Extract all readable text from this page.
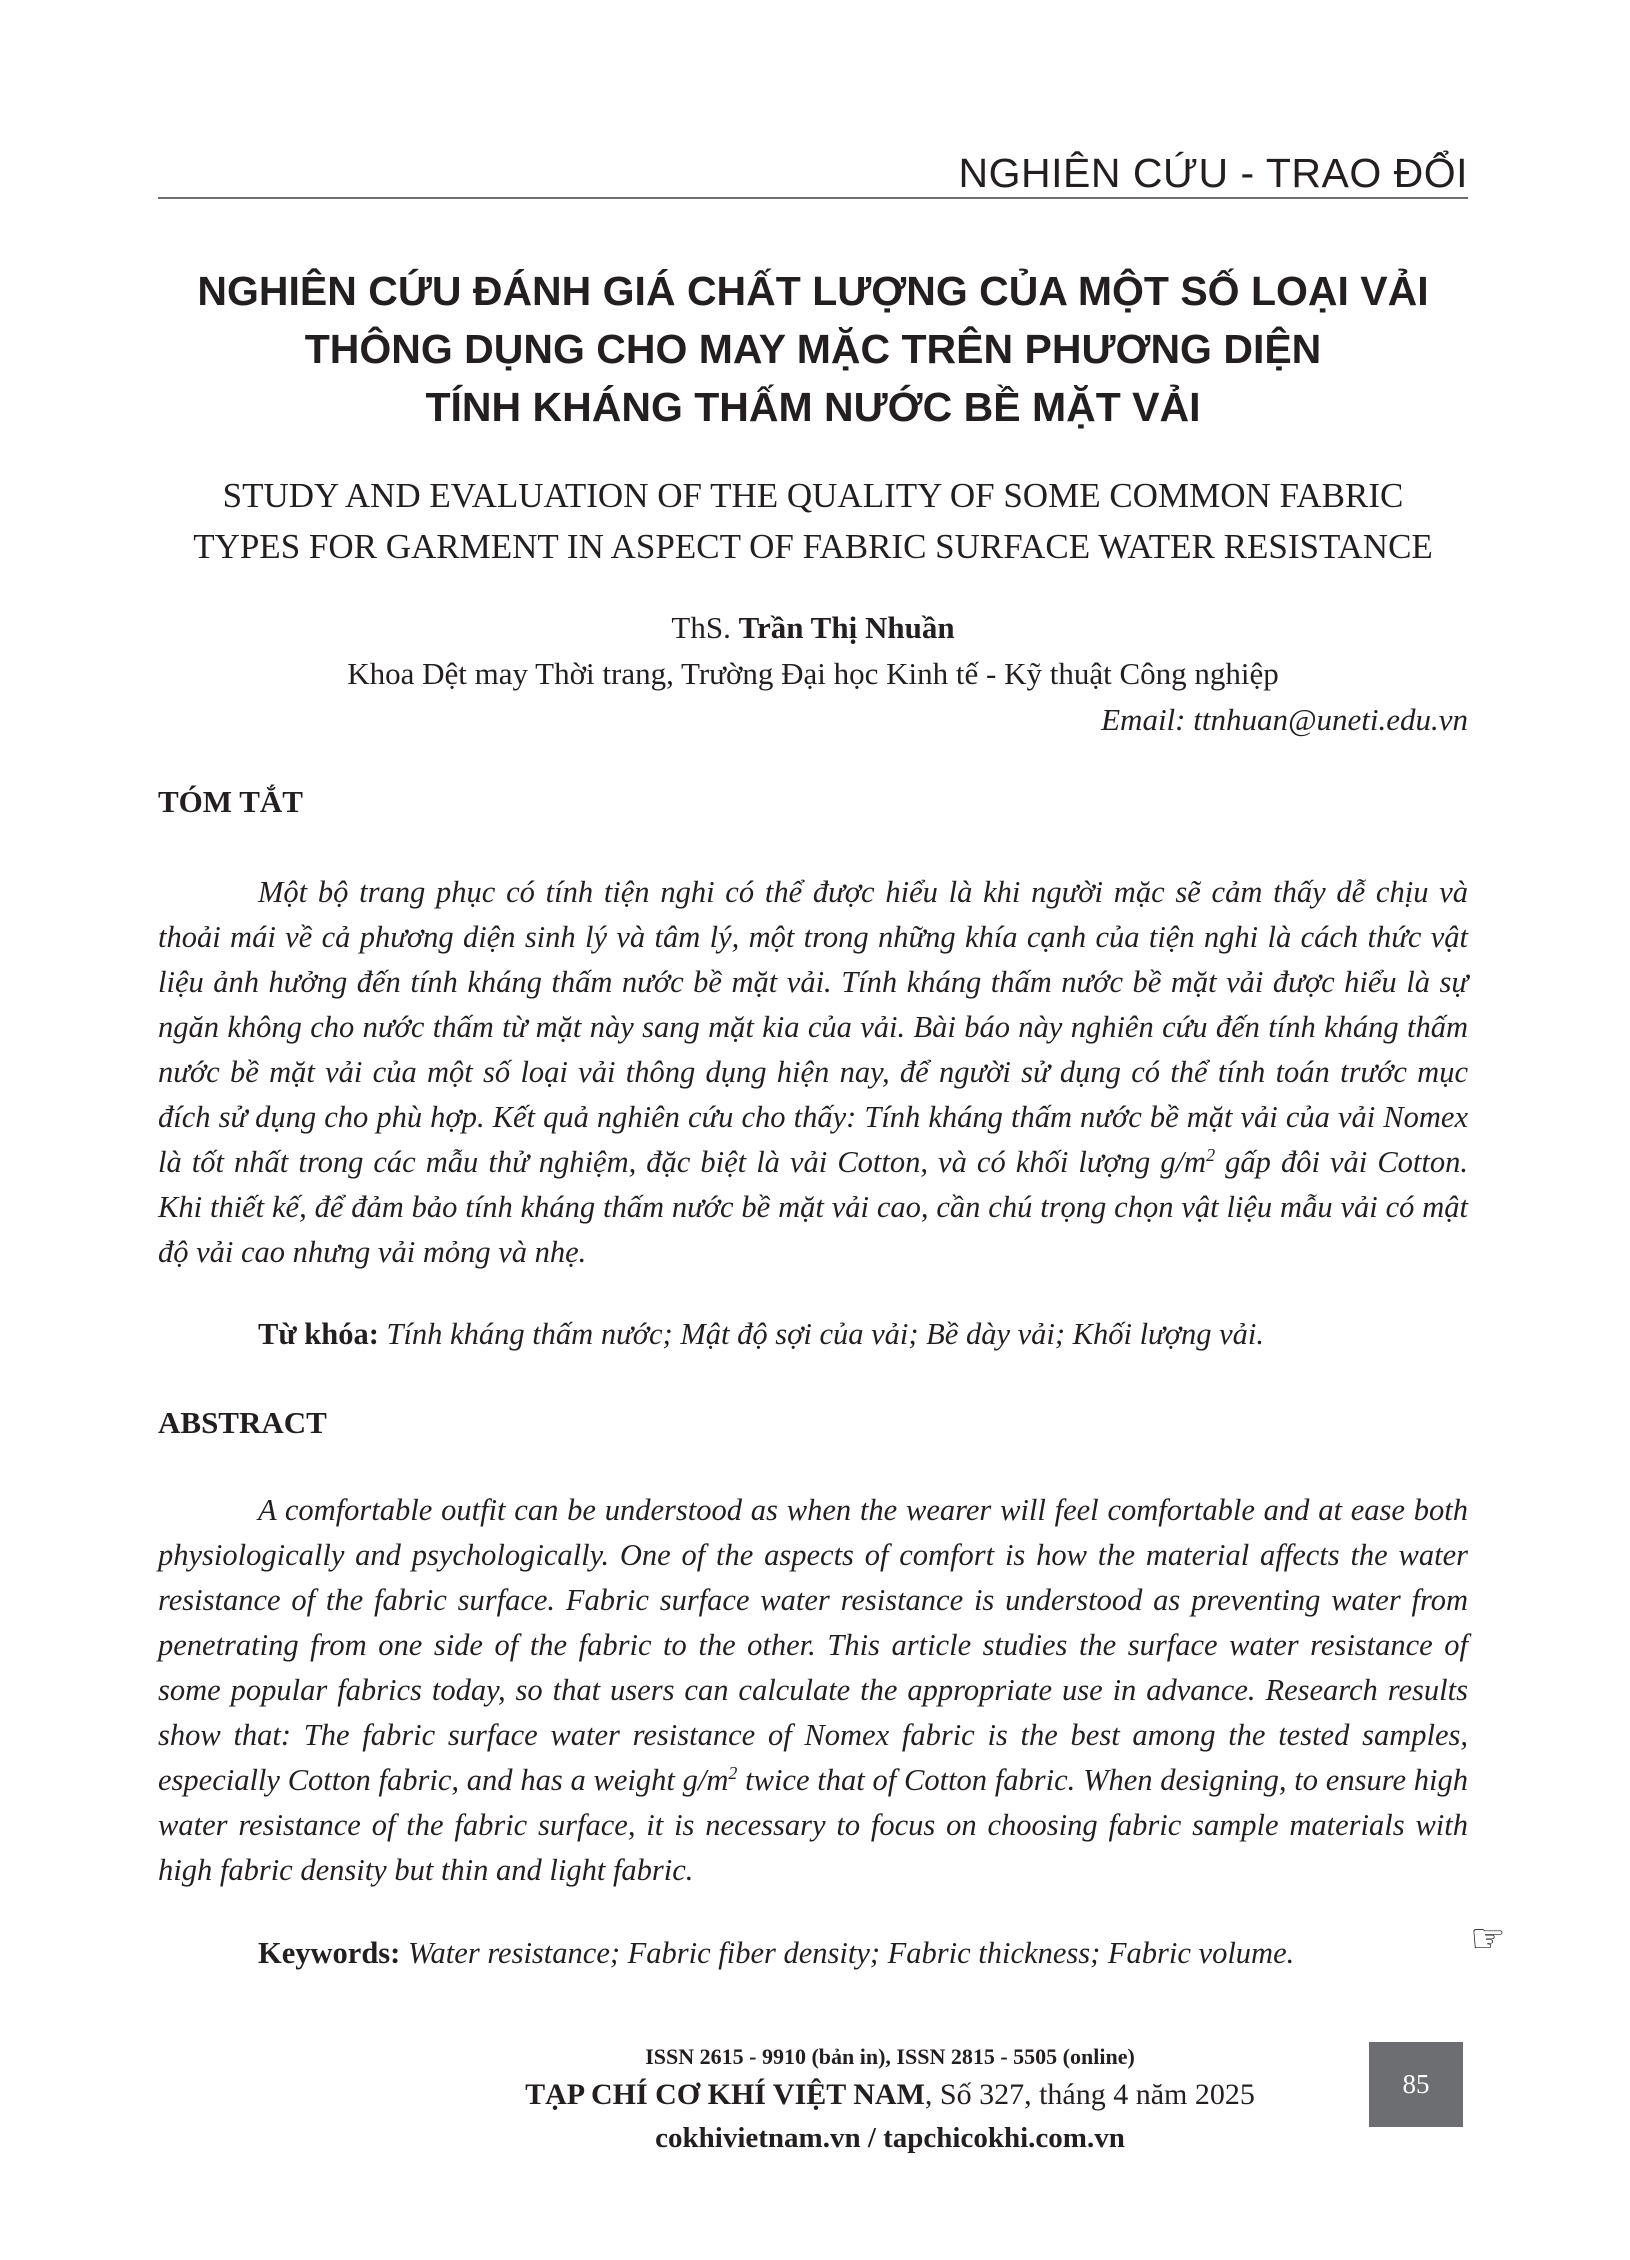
NGHIÊN CỨU - TRAO ĐỔI
NGHIÊN CỨU ĐÁNH GIÁ CHẤT LƯỢNG CỦA MỘT SỐ LOẠI VẢI
THÔNG DỤNG CHO MAY MẶC TRÊN PHƯƠNG DIỆN
TÍNH KHÁNG THẤM NƯỚC BỀ MẶT VẢI
STUDY AND EVALUATION OF THE QUALITY OF SOME COMMON FABRIC
TYPES FOR GARMENT IN ASPECT OF FABRIC SURFACE WATER RESISTANCE
ThS. Trần Thị Nhuần
Khoa Dệt may Thời trang, Trường Đại học Kinh tế - Kỹ thuật Công nghiệp
Email: ttnhuan@uneti.edu.vn
TÓM TẮT

Một bộ trang phục có tính tiện nghi có thể được hiểu là khi người mặc sẽ cảm thấy dễ chịu và thoải mái về cả phương diện sinh lý và tâm lý, một trong những khía cạnh của tiện nghi là cách thức vật liệu ảnh hưởng đến tính kháng thấm nước bề mặt vải. Tính kháng thấm nước bề mặt vải được hiểu là sự ngăn không cho nước thấm từ mặt này sang mặt kia của vải. Bài báo này nghiên cứu đến tính kháng thấm nước bề mặt vải của một số loại vải thông dụng hiện nay, để người sử dụng có thể tính toán trước mục đích sử dụng cho phù hợp. Kết quả nghiên cứu cho thấy: Tính kháng thấm nước bề mặt vải của vải Nomex là tốt nhất trong các mẫu thử nghiệm, đặc biệt là vải Cotton, và có khối lượng $g/m^2$ gấp đôi vải Cotton. Khi thiết kế, để đảm bảo tính kháng thấm nước bề mặt vải cao, cần chú trọng chọn vật liệu mẫu vải có mật độ vải cao nhưng vải mỏng và nhẹ.

Từ khóa: Tính kháng thấm nước; Mật độ sợi của vải; Bề dày vải; Khối lượng vải.

ABSTRACT

A comfortable outfit can be understood as when the wearer will feel comfortable and at ease both physiologically and psychologically. One of the aspects of comfort is how the material affects the water resistance of the fabric surface. Fabric surface water resistance is understood as preventing water from penetrating from one side of the fabric to the other. This article studies the surface water resistance of some popular fabrics today, so that users can calculate the appropriate use in advance. Research results show that: The fabric surface water resistance of Nomex fabric is the best among the tested samples, especially Cotton fabric, and has a weight $g/m^2$ twice that of Cotton fabric. When designing, to ensure high water resistance of the fabric surface, it is necessary to focus on choosing fabric sample materials with high fabric density but thin and light fabric.

Keywords: Water resistance; Fabric fiber density; Fabric thickness; Fabric volume.	☞
ISSN 2615 - 9910 (bản in), ISSN 2815 - 5505 (online)
TẠP CHÍ CƠ KHÍ VIỆT NAM, Số 327, tháng 4 năm 2025
cokhivietnam.vn / tapchicokhi.com.vn
85
